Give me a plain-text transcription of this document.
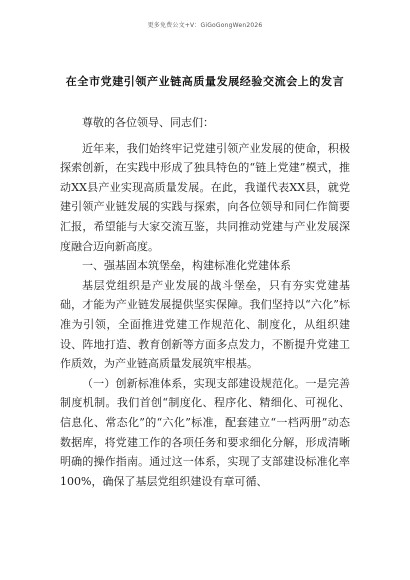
更多免费公文+V：GiGoGongWen2026
在全市党建引领产业链高质量发展经验交流会上的发言

尊敬的各位领导、同志们：

近年来，我们始终牢记党建引领产业发展的使命，积极探索创新，在实践中形成了独具特色的“链上党建”模式，推动XX县产业实现高质量发展。在此，我谨代表XX县，就党建引领产业链发展的实践与探索，向各位领导和同仁作简要汇报，希望能与大家交流互鉴，共同推动党建与产业发展深度融合迈向新高度。

一、强基固本筑堡垒，构建标准化党建体系

基层党组织是产业发展的战斗堡垒，只有夯实党建基础，才能为产业链发展提供坚实保障。我们坚持以“六化”标准为引领，全面推进党建工作规范化、制度化，从组织建设、阵地打造、教育创新等方面多点发力，不断提升党建工作质效，为产业链高质量发展筑牢根基。

（一）创新标准体系，实现支部建设规范化。一是完善制度机制。我们首创“制度化、程序化、精细化、可视化、信息化、常态化”的“六化”标准，配套建立“一档两册”动态数据库，将党建工作的各项任务和要求细化分解，形成清晰明确的操作指南。通过这一体系，实现了支部建设标准化率100%，确保了基层党组织建设有章可循、
